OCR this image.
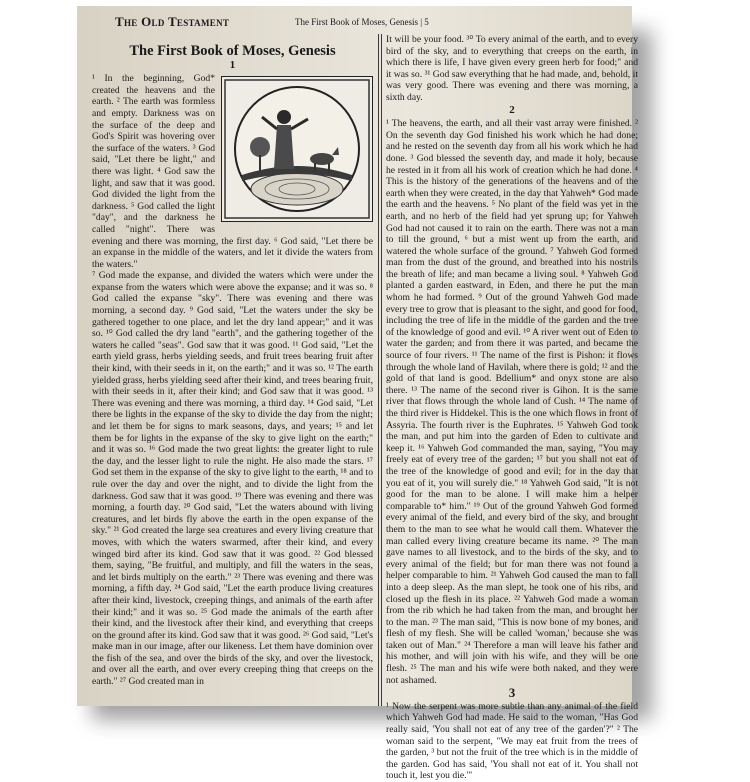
The Old Testament	The First Book of Moses, Genesis | 5
The First Book of Moses, Genesis
1

¹ In the beginning, God* created the heavens and the earth. ² The earth was formless and empty. Darkness was on the surface of the deep and God's Spirit was hovering over the surface of the waters. ³ God said, "Let there be light," and there was light. ⁴ God saw the light, and saw that it was good. God divided the light from the darkness. ⁵ God called the light "day", and the darkness he called "night". There was evening and there was morning, the first day. ⁶ God said, "Let there be an expanse in the middle of the waters, and let it divide the waters from the waters."

⁷ God made the expanse, and divided the waters which were under the expanse from the waters which were above the expanse; and it was so. ⁸ God called the expanse "sky". There was evening and there was morning, a second day. ⁹ God said, "Let the waters under the sky be gathered together to one place, and let the dry land appear;" and it was so. ¹⁰ God called the dry land "earth", and the gathering together of the waters he called "seas". God saw that it was good. ¹¹ God said, "Let the earth yield grass, herbs yielding seeds, and fruit trees bearing fruit after their kind, with their seeds in it, on the earth;" and it was so. ¹² The earth yielded grass, herbs yielding seed after their kind, and trees bearing fruit, with their seeds in it, after their kind; and God saw that it was good. ¹³ There was evening and there was morning, a third day. ¹⁴ God said, "Let there be lights in the expanse of the sky to divide the day from the night; and let them be for signs to mark seasons, days, and years; ¹⁵ and let them be for lights in the expanse of the sky to give light on the earth;" and it was so. ¹⁶ God made the two great lights: the greater light to rule the day, and the lesser light to rule the night. He also made the stars. ¹⁷ God set them in the expanse of the sky to give light to the earth, ¹⁸ and to rule over the day and over the night, and to divide the light from the darkness. God saw that it was good. ¹⁹ There was evening and there was morning, a fourth day. ²⁰ God said, "Let the waters abound with living creatures, and let birds fly above the earth in the open expanse of the sky." ²¹ God created the large sea creatures and every living creature that moves, with which the waters swarmed, after their kind, and every winged bird after its kind. God saw that it was good. ²² God blessed them, saying, "Be fruitful, and multiply, and fill the waters in the seas, and let birds multiply on the earth." ²³ There was evening and there was morning, a fifth day. ²⁴ God said, "Let the earth produce living creatures after their kind, livestock, creeping things, and animals of the earth after their kind;" and it was so. ²⁵ God made the animals of the earth after their kind, and the livestock after their kind, and everything that creeps on the ground after its kind. God saw that it was good. ²⁶ God said, "Let's make man in our image, after our likeness. Let them have dominion over the fish of the sea, and over the birds of the sky, and over the livestock, and over all the earth, and over every creeping thing that creeps on the earth." ²⁷ God created man in

It will be your food. ³⁰ To every animal of the earth, and to every bird of the sky, and to everything that creeps on the earth, in which there is life, I have given every green herb for food;" and it was so. ³¹ God saw everything that he had made, and, behold, it was very good. There was evening and there was morning, a sixth day.

2

¹ The heavens, the earth, and all their vast array were finished. ² On the seventh day God finished his work which he had done; and he rested on the seventh day from all his work which he had done. ³ God blessed the seventh day, and made it holy, because he rested in it from all his work of creation which he had done. ⁴ This is the history of the generations of the heavens and of the earth when they were created, in the day that Yahweh* God made the earth and the heavens. ⁵ No plant of the field was yet in the earth, and no herb of the field had yet sprung up; for Yahweh God had not caused it to rain on the earth. There was not a man to till the ground, ⁶ but a mist went up from the earth, and watered the whole surface of the ground. ⁷ Yahweh God formed man from the dust of the ground, and breathed into his nostrils the breath of life; and man became a living soul. ⁸ Yahweh God planted a garden eastward, in Eden, and there he put the man whom he had formed. ⁹ Out of the ground Yahweh God made every tree to grow that is pleasant to the sight, and good for food, including the tree of life in the middle of the garden and the tree of the knowledge of good and evil. ¹⁰ A river went out of Eden to water the garden; and from there it was parted, and became the source of four rivers. ¹¹ The name of the first is Pishon: it flows through the whole land of Havilah, where there is gold; ¹² and the gold of that land is good. Bdellium* and onyx stone are also there. ¹³ The name of the second river is Gihon. It is the same river that flows through the whole land of Cush. ¹⁴ The name of the third river is Hiddekel. This is the one which flows in front of Assyria. The fourth river is the Euphrates. ¹⁵ Yahweh God took the man, and put him into the garden of Eden to cultivate and keep it. ¹⁶ Yahweh God commanded the man, saying, "You may freely eat of every tree of the garden; ¹⁷ but you shall not eat of the tree of the knowledge of good and evil; for in the day that you eat of it, you will surely die." ¹⁸ Yahweh God said, "It is not good for the man to be alone. I will make him a helper comparable to* him." ¹⁹ Out of the ground Yahweh God formed every animal of the field, and every bird of the sky, and brought them to the man to see what he would call them. Whatever the man called every living creature became its name. ²⁰ The man gave names to all livestock, and to the birds of the sky, and to every animal of the field; but for man there was not found a helper comparable to him. ²¹ Yahweh God caused the man to fall into a deep sleep. As the man slept, he took one of his ribs, and closed up the flesh in its place. ²² Yahweh God made a woman from the rib which he had taken from the man, and brought her to the man. ²³ The man said, "This is now bone of my bones, and flesh of my flesh. She will be called 'woman,' because she was taken out of Man." ²⁴ Therefore a man will leave his father and his mother, and will join with his wife, and they will be one flesh. ²⁵ The man and his wife were both naked, and they were not ashamed.

3

¹ Now the serpent was more subtle than any animal of the field which Yahweh God had made. He said to the woman, "Has God really said, 'You shall not eat of any tree of the garden'?" ² The woman said to the serpent, "We may eat fruit from the trees of the garden, ³ but not the fruit of the tree which is in the middle of the garden. God has said, 'You shall not eat of it. You shall not touch it, lest you die.'"
